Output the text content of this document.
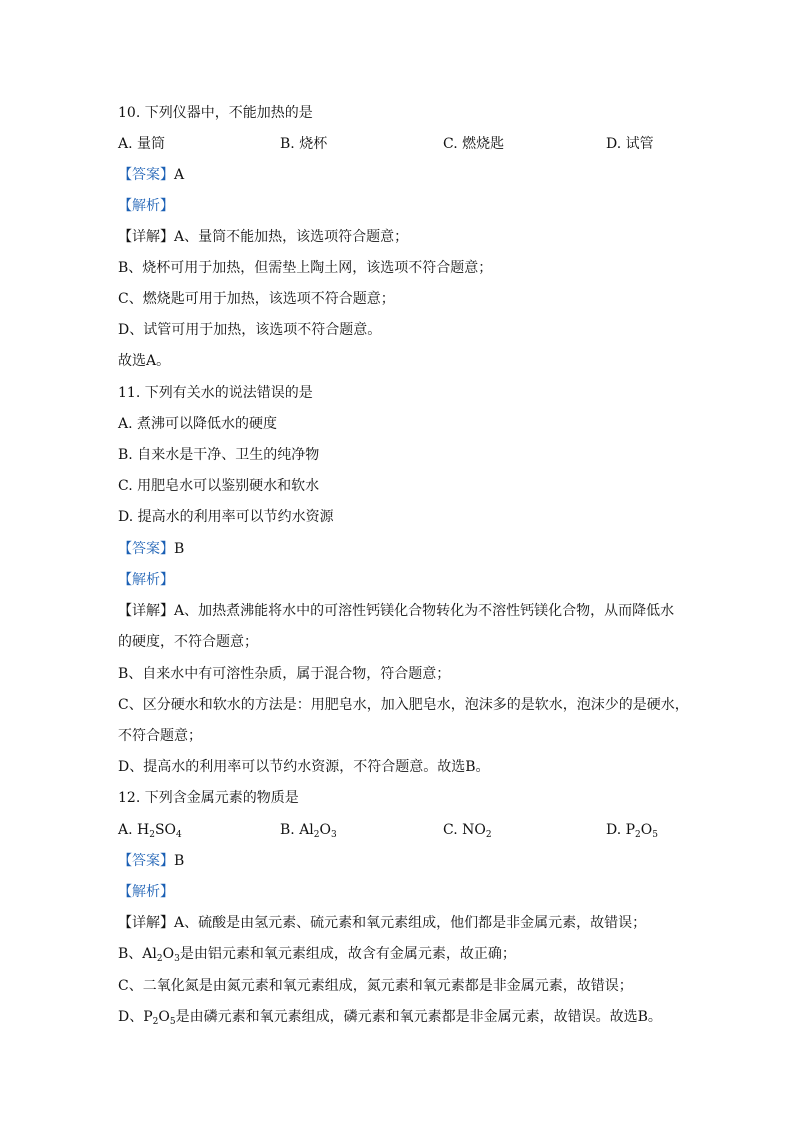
10. 下列仪器中，不能加热的是
A. 量筒	B. 烧杯	C. 燃烧匙	D. 试管
【答案】A
【解析】
【详解】A、量筒不能加热，该选项符合题意；
B、烧杯可用于加热，但需垫上陶土网，该选项不符合题意；
C、燃烧匙可用于加热，该选项不符合题意；
D、试管可用于加热，该选项不符合题意。
故选A。
11. 下列有关水的说法错误的是
A. 煮沸可以降低水的硬度
B. 自来水是干净、卫生的纯净物
C. 用肥皂水可以鉴别硬水和软水
D. 提高水的利用率可以节约水资源
【答案】B
【解析】
【详解】A、加热煮沸能将水中的可溶性钙镁化合物转化为不溶性钙镁化合物，从而降低水
的硬度，不符合题意；
B、自来水中有可溶性杂质，属于混合物，符合题意；
C、区分硬水和软水的方法是：用肥皂水，加入肥皂水，泡沫多的是软水，泡沫少的是硬水，
不符合题意；
D、提高水的利用率可以节约水资源，不符合题意。故选B。
12. 下列含金属元素的物质是
A. $H_2SO_4$	B. $Al_2O_3$	C. $NO_2$	D. $P_2O_5$
【答案】B
【解析】
【详解】A、硫酸是由氢元素、硫元素和氧元素组成，他们都是非金属元素，故错误；
B、$Al_2O_3$是由铝元素和氧元素组成，故含有金属元素，故正确；
C、二氧化氮是由氮元素和氧元素组成，氮元素和氧元素都是非金属元素，故错误；
D、$P_2O_5$是由磷元素和氧元素组成，磷元素和氧元素都是非金属元素，故错误。故选B。
